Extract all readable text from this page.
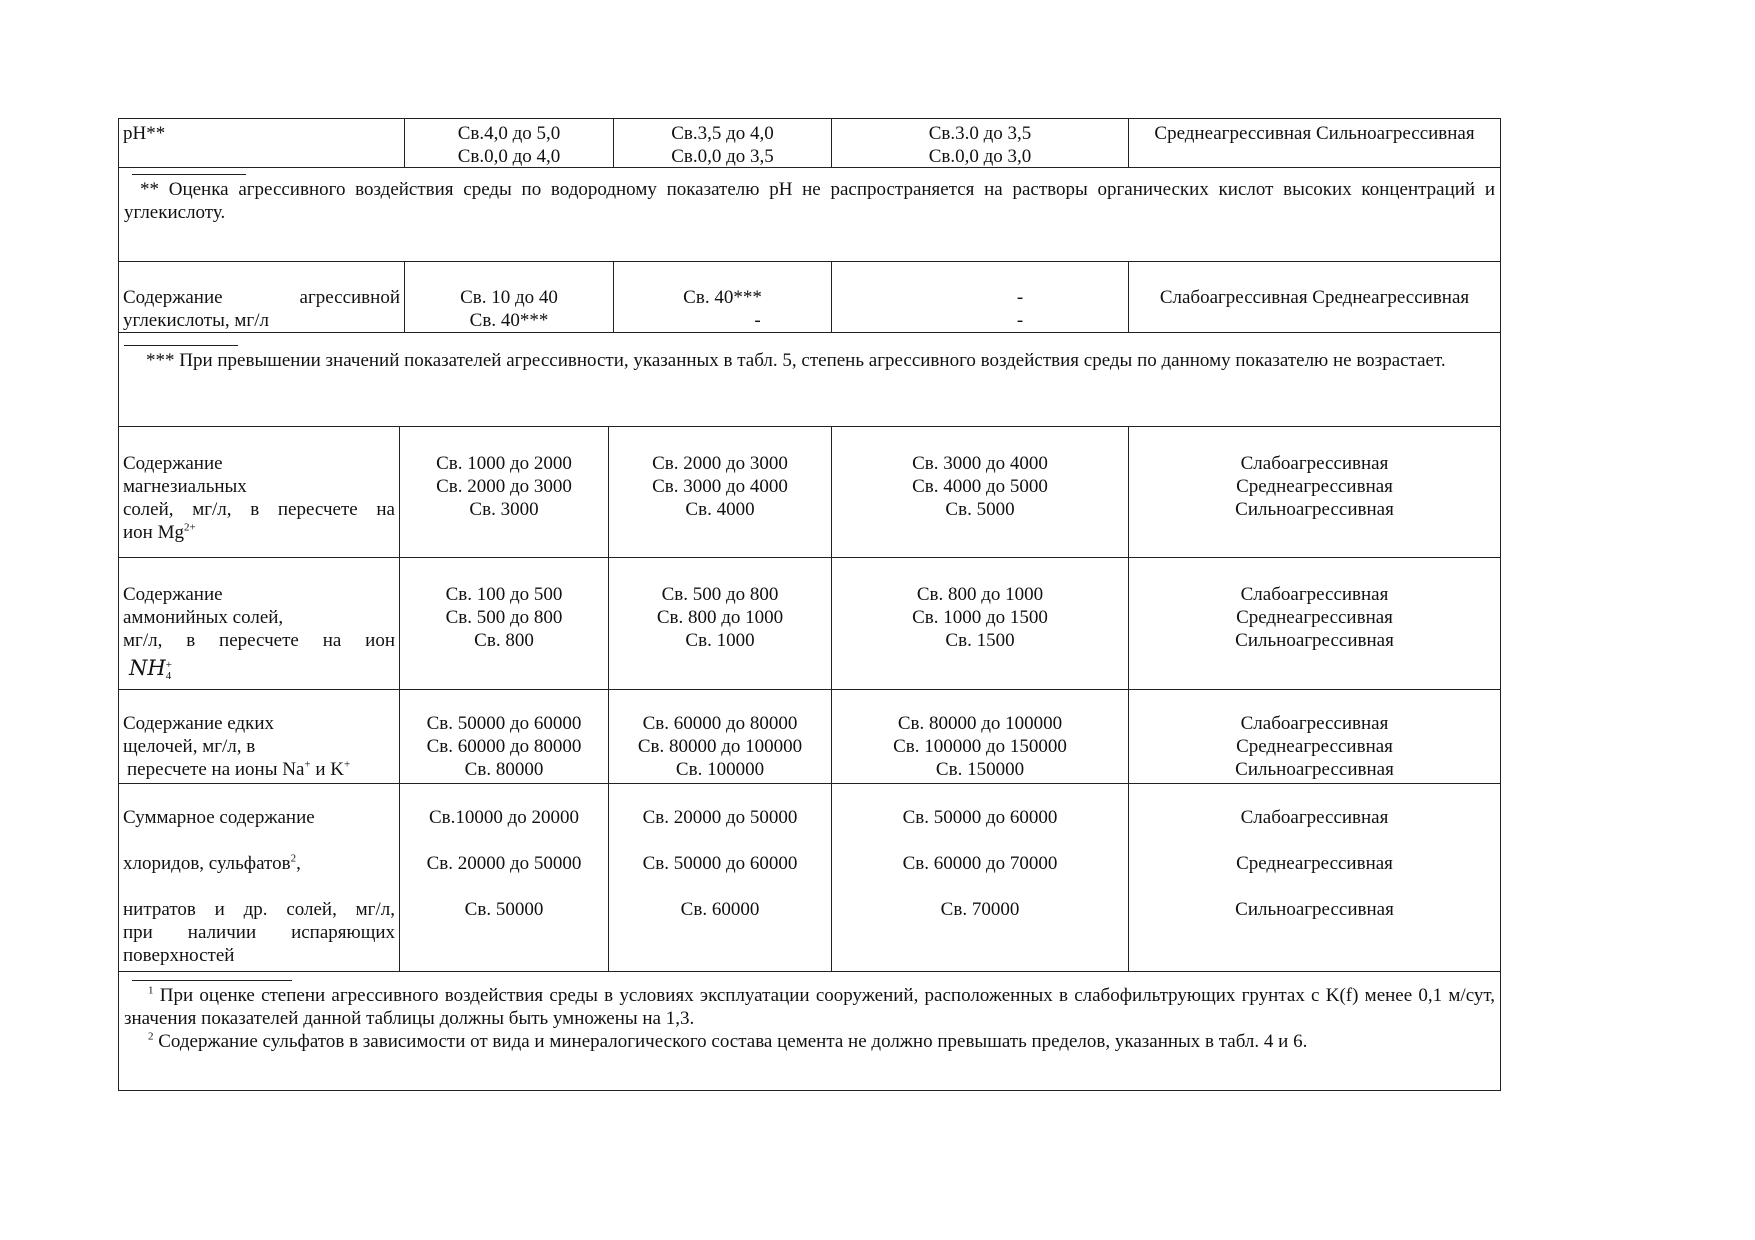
pH**	Св.4,0 до 5,0
Св.0,0 до 4,0
Св.3,5 до 4,0
Св.0,0 до 3,5
Св.3.0 до 3,5
Св.0,0 до 3,0
Среднеагрессивная Сильноагрессивная
** Оценка агрессивного воздействия среды по водородному показателю pH не распространяется на растворы органических кислот высоких концентраций и углекислоту.
Содержание	агрессивной
углекислоты, мг/л
Св. 10 до 40
Св. 40***
Св. 40***
-
-
-
Слабоагрессивная Среднеагрессивная
*** При превышении значений показателей агрессивности, указанных в табл. 5, степень агрессивного воздействия среды по данному показателю не возрастает.
Содержание
магнезиальных
солей, мг/л, в пересчете на
ион $Mg^{2+}$
Св. 1000 до 2000
Св. 2000 до 3000
Св. 3000
Св. 2000 до 3000
Св. 3000 до 4000
Св. 4000
Св. 3000 до 4000
Св. 4000 до 5000
Св. 5000
Слабоагрессивная
Среднеагрессивная
Сильноагрессивная
Содержание
аммонийных солей,
мг/л, в пересчете на ион
NH +
4
Св. 100 до 500
Св. 500 до 800
Св. 800
Св. 500 до 800
Св. 800 до 1000
Св. 1000
Св. 800 до 1000
Св. 1000 до 1500
Св. 1500
Слабоагрессивная
Среднеагрессивная
Сильноагрессивная
Содержание едких
щелочей, мг/л, в
пересчете на ионы Na+ и K+
Св. 50000 до 60000
Св. 60000 до 80000
Св. 80000
Св. 60000 до 80000
Св. 80000 до 100000
Св. 100000
Св. 80000 до 100000
Св. 100000 до 150000
Св. 150000
Слабоагрессивная
Среднеагрессивная
Сильноагрессивная
Суммарное содержание
хлоридов, сульфатов$^2$,
нитратов и др. солей, мг/л,
при наличии испаряющих
поверхностей
Св.10000 до 20000
Св. 20000 до 50000
Св. 50000
Св. 20000 до 50000
Св. 50000 до 60000
Св. 60000
Св. 50000 до 60000
Св. 60000 до 70000
Св. 70000
Слабоагрессивная
Среднеагрессивная
Сильноагрессивная
$^1$ При оценке степени агрессивного воздействия среды в условиях эксплуатации сооружений, расположенных в слабофильтрующих грунтах с K(f) менее 0,1 м/сут, значения показателей данной таблицы должны быть умножены на 1,3.
$^2$ Содержание сульфатов в зависимости от вида и минералогического состава цемента не должно превышать пределов, указанных в табл. 4 и 6.
